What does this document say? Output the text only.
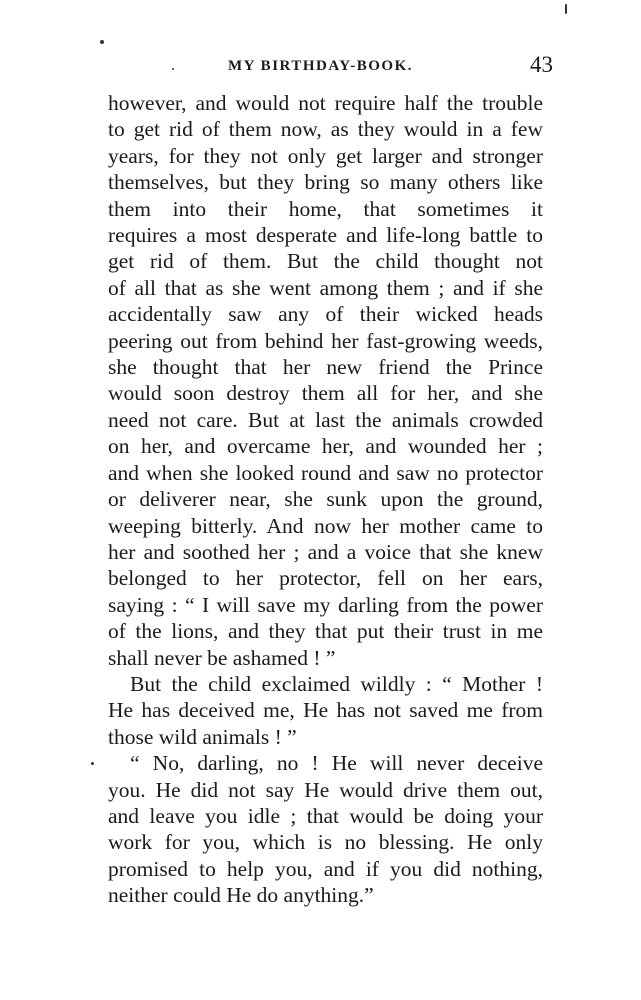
MY BIRTHDAY-BOOK.	43
however, and would not require half the trouble
to get rid of them now, as they would in a few
years, for they not only get larger and stronger
themselves, but they bring so many others like
them into their home, that sometimes it
requires a most desperate and life-long battle to
get rid of them. But the child thought not
of all that as she went among them ; and if she
accidentally saw any of their wicked heads
peering out from behind her fast-growing weeds,
she thought that her new friend the Prince
would soon destroy them all for her, and she
need not care. But at last the animals crowded
on her, and overcame her, and wounded her ;
and when she looked round and saw no protector
or deliverer near, she sunk upon the ground,
weeping bitterly. And now her mother came to
her and soothed her ; and a voice that she knew
belonged to her protector, fell on her ears,
saying : “ I will save my darling from the power
of the lions, and they that put their trust in me
shall never be ashamed ! ”
But the child exclaimed wildly : “ Mother !
He has deceived me, He has not saved me from
those wild animals ! ”
“ No, darling, no ! He will never deceive
you. He did not say He would drive them out,
and leave you idle ; that would be doing your
work for you, which is no blessing. He only
promised to help you, and if you did nothing,
neither could He do anything.”
